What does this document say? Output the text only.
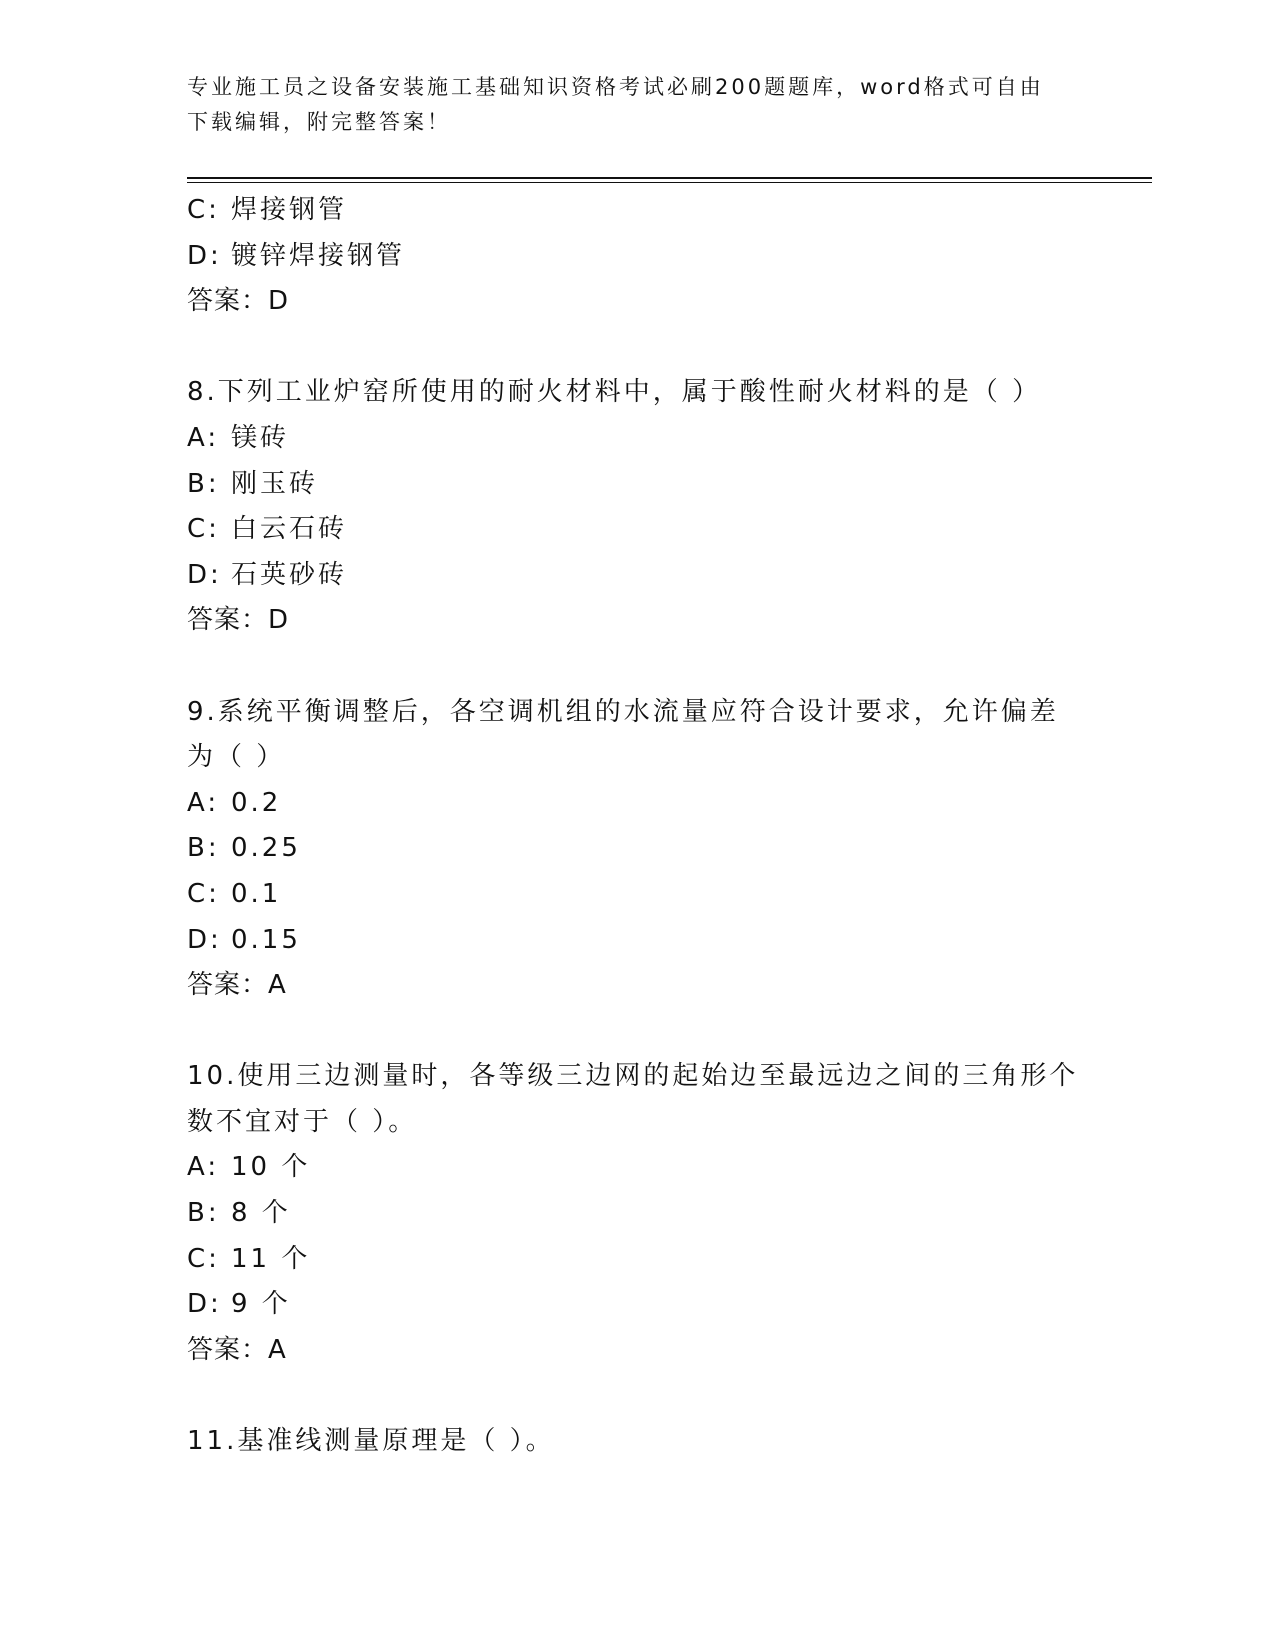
专业施工员之设备安装施工基础知识资格考试必刷200题题库，word格式可自由
下载编辑，附完整答案！
C: 焊接钢管
D: 镀锌焊接钢管
答案：D
8.下列工业炉窑所使用的耐火材料中，属于酸性耐火材料的是（ ）
A: 镁砖
B: 刚玉砖
C: 白云石砖
D: 石英砂砖
答案：D
9.系统平衡调整后，各空调机组的水流量应符合设计要求，允许偏差
为（ ）
A: 0.2
B: 0.25
C: 0.1
D: 0.15
答案：A
10.使用三边测量时，各等级三边网的起始边至最远边之间的三角形个
数不宜对于（ ）。
A: 10 个
B: 8 个
C: 11 个
D: 9 个
答案：A
11.基准线测量原理是（ ）。
